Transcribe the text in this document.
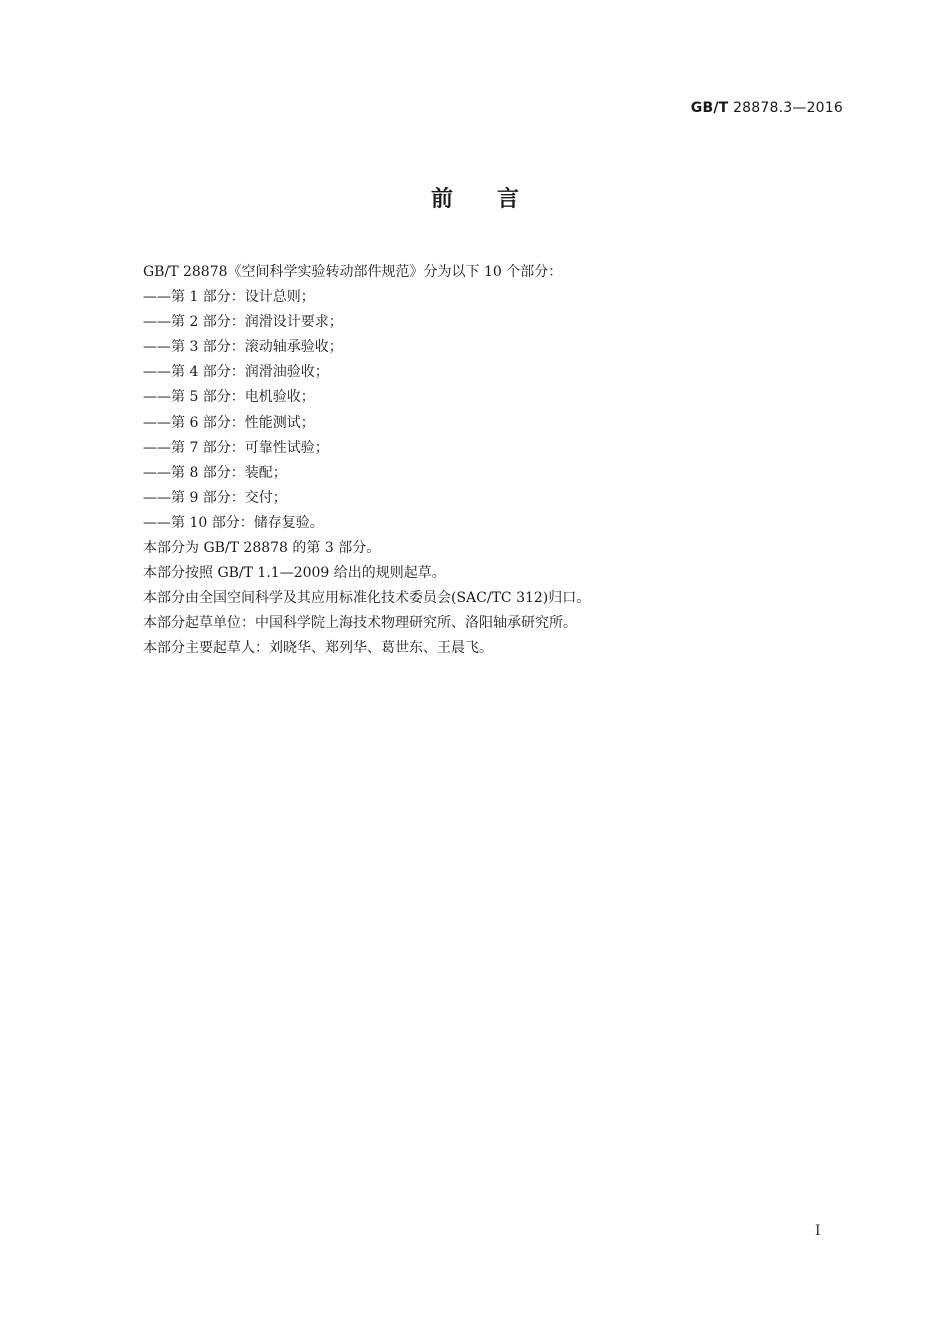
GB/T 28878.3—2016
前言

GB/T 28878《空间科学实验转动部件规范》分为以下 10 个部分：

——第 1 部分：设计总则；

——第 2 部分：润滑设计要求；

——第 3 部分：滚动轴承验收；

——第 4 部分：润滑油验收；

——第 5 部分：电机验收；

——第 6 部分：性能测试；

——第 7 部分：可靠性试验；

——第 8 部分：装配；

——第 9 部分：交付；

——第 10 部分：储存复验。

本部分为 GB/T 28878 的第 3 部分。

本部分按照 GB/T 1.1—2009 给出的规则起草。

本部分由全国空间科学及其应用标准化技术委员会(SAC/TC 312)归口。

本部分起草单位：中国科学院上海技术物理研究所、洛阳轴承研究所。

本部分主要起草人：刘晓华、郑列华、葛世东、王晨飞。

I
